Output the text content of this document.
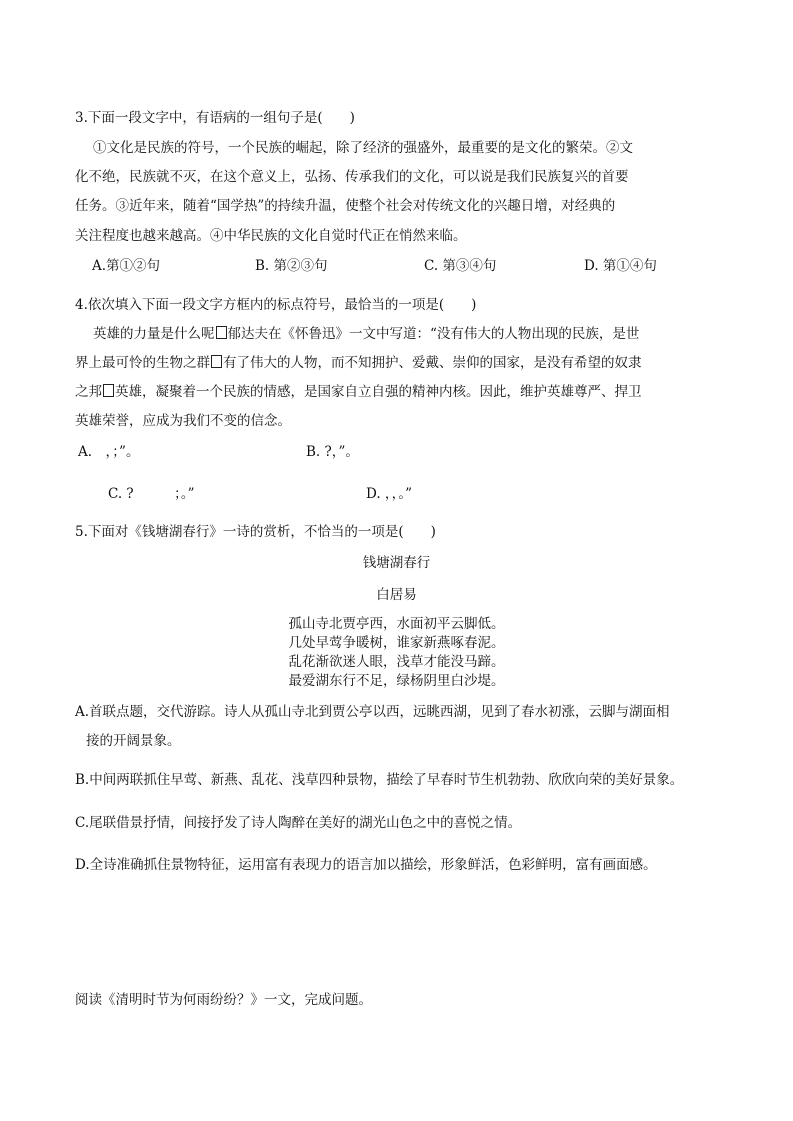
3.下面一段文字中，有语病的一组句子是(　　)
①文化是民族的符号，一个民族的崛起，除了经济的强盛外，最重要的是文化的繁荣。②文
化不绝，民族就不灭，在这个意义上，弘扬、传承我们的文化，可以说是我们民族复兴的首要
任务。③近年来，随着“国学热”的持续升温，使整个社会对传统文化的兴趣日增，对经典的
关注程度也越来越高。④中华民族的文化自觉时代正在悄然来临。
A.第①②句	B. 第②③句	C. 第③④句	D. 第①④句
4.依次填入下面一段文字方框内的标点符号，最恰当的一项是(　　)
英雄的力量是什么呢 郁达夫在《怀鲁迅》一文中写道：“没有伟大的人物出现的民族，是世
界上最可怜的生物之群 有了伟大的人物，而不知拥护、爱戴、崇仰的国家，是没有希望的奴隶
之邦 英雄，凝聚着一个民族的情感，是国家自立自强的精神内核。因此，维护英雄尊严、捍卫
英雄荣誉，应成为我们不变的信念。
A.　，；”。	B. ?，”。
C. ?　　　；。”	D. ，，。”
5.下面对《钱塘湖春行》一诗的赏析，不恰当的一项是(　　)
钱塘湖春行
白居易
孤山寺北贾亭西，水面初平云脚低。
几处早莺争暖树，谁家新燕啄春泥。
乱花渐欲迷人眼，浅草才能没马蹄。
最爱湖东行不足，绿杨阴里白沙堤。
A.首联点题，交代游踪。诗人从孤山寺北到贾公亭以西，远眺西湖，见到了春水初涨，云脚与湖面相
接的开阔景象。
B.中间两联抓住早莺、新燕、乱花、浅草四种景物，描绘了早春时节生机勃勃、欣欣向荣的美好景象。
C.尾联借景抒情，间接抒发了诗人陶醉在美好的湖光山色之中的喜悦之情。
D.全诗准确抓住景物特征，运用富有表现力的语言加以描绘，形象鲜活，色彩鲜明，富有画面感。
阅读《清明时节为何雨纷纷？》一文，完成问题。
